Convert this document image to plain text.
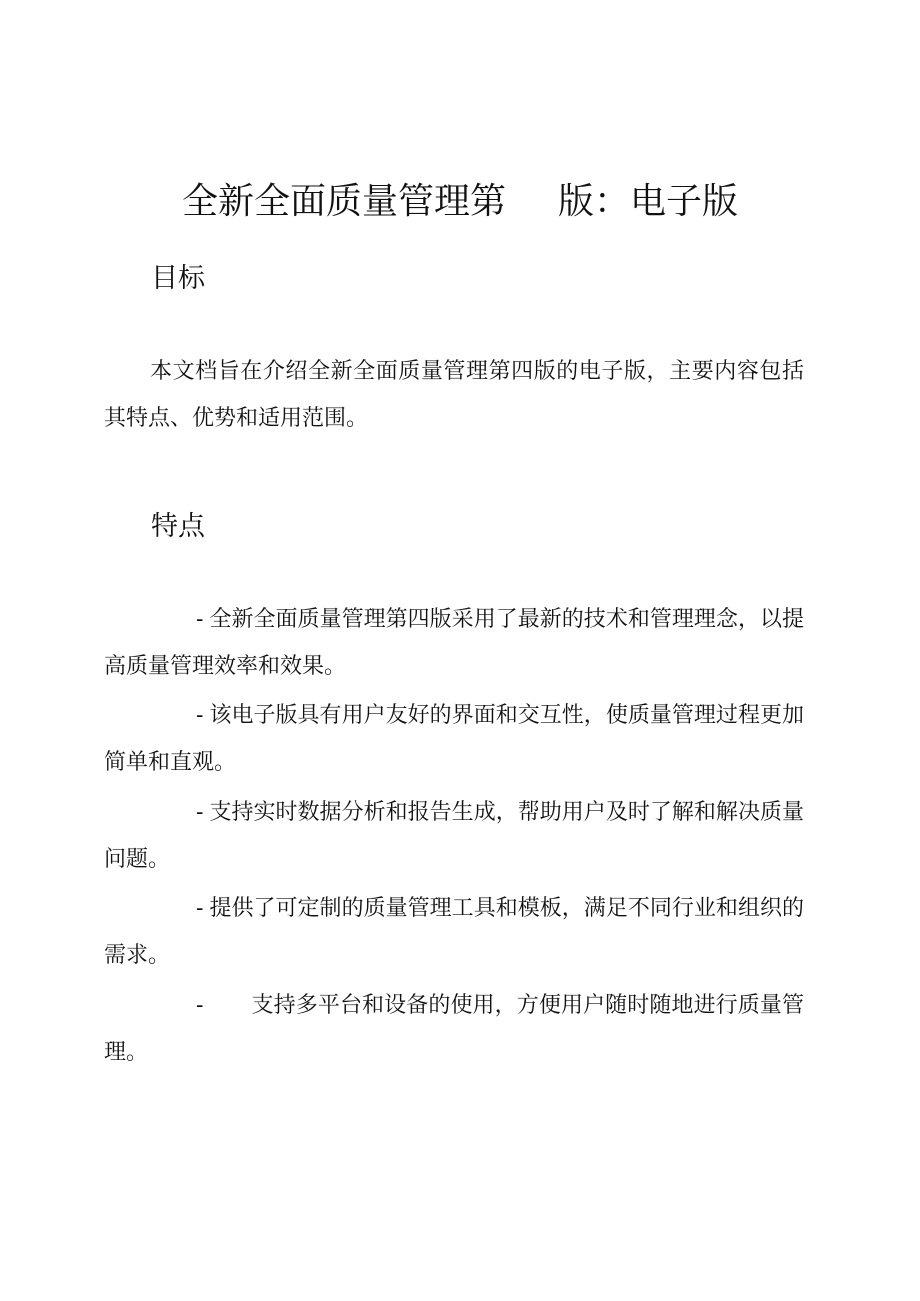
全新全面质量管理第 版：电子版
目标

本文档旨在介绍全新全面质量管理第四版的电子版，主要内容包括其特点、优势和适用范围。

特点

- 全新全面质量管理第四版采用了最新的技术和管理理念，以提高质量管理效率和效果。

- 该电子版具有用户友好的界面和交互性，使质量管理过程更加简单和直观。

- 支持实时数据分析和报告生成，帮助用户及时了解和解决质量问题。

- 提供了可定制的质量管理工具和模板，满足不同行业和组织的需求。

- 支持多平台和设备的使用，方便用户随时随地进行质量管理。
